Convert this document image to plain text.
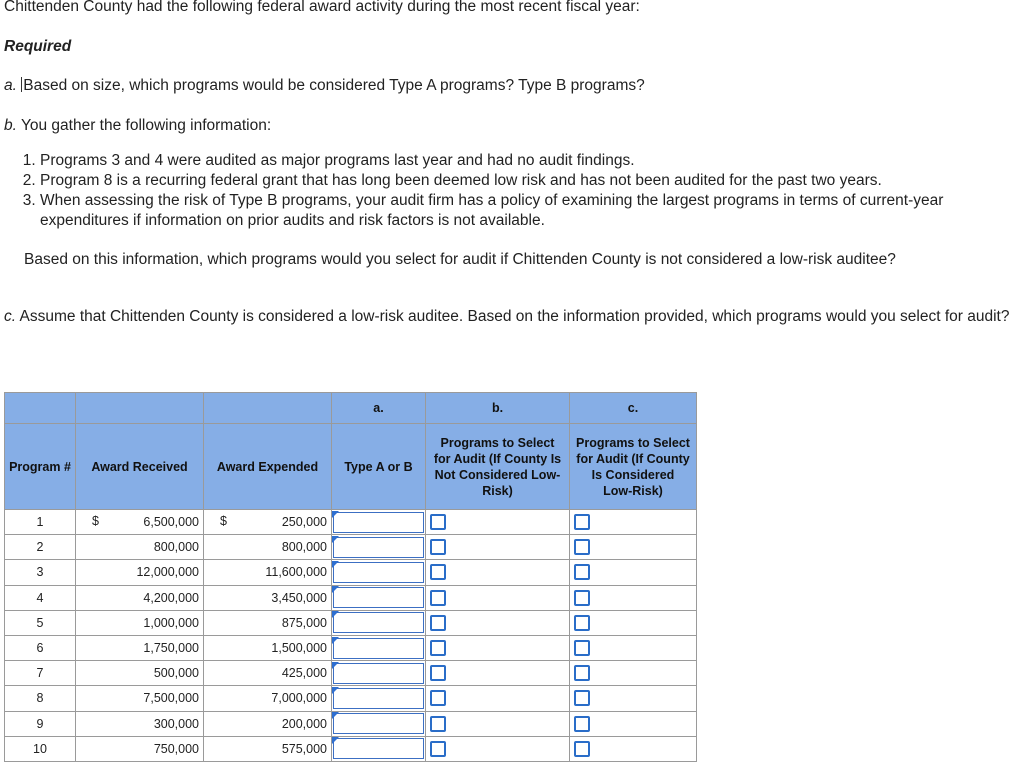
Chittenden County had the following federal award activity during the most recent fiscal year:
Required
a. Based on size, which programs would be considered Type A programs? Type B programs?
b. You gather the following information:
1. Programs 3 and 4 were audited as major programs last year and had no audit findings.
2. Program 8 is a recurring federal grant that has long been deemed low risk and has not been audited for the past two years.
3. When assessing the risk of Type B programs, your audit firm has a policy of examining the largest programs in terms of current-year expenditures if information on prior audits and risk factors is not available.
Based on this information, which programs would you select for audit if Chittenden County is not considered a low-risk auditee?
c. Assume that Chittenden County is considered a low-risk auditee. Based on the information provided, which programs would you select for audit?
			a.	b.	c.
Program #	Award Received	Award Expended	Type A or B	Programs to Select for Audit (If County Is Not Considered Low-Risk)	Programs to Select for Audit (If County Is Considered Low-Risk)
1	$ 6,500,000	$ 250,000	

2	800,000	800,000	

3	12,000,000	11,600,000	

4	4,200,000	3,450,000	

5	1,000,000	875,000	

6	1,750,000	1,500,000	

7	500,000	425,000	

8	7,500,000	7,000,000	

9	300,000	200,000	

10	750,000	575,000	
